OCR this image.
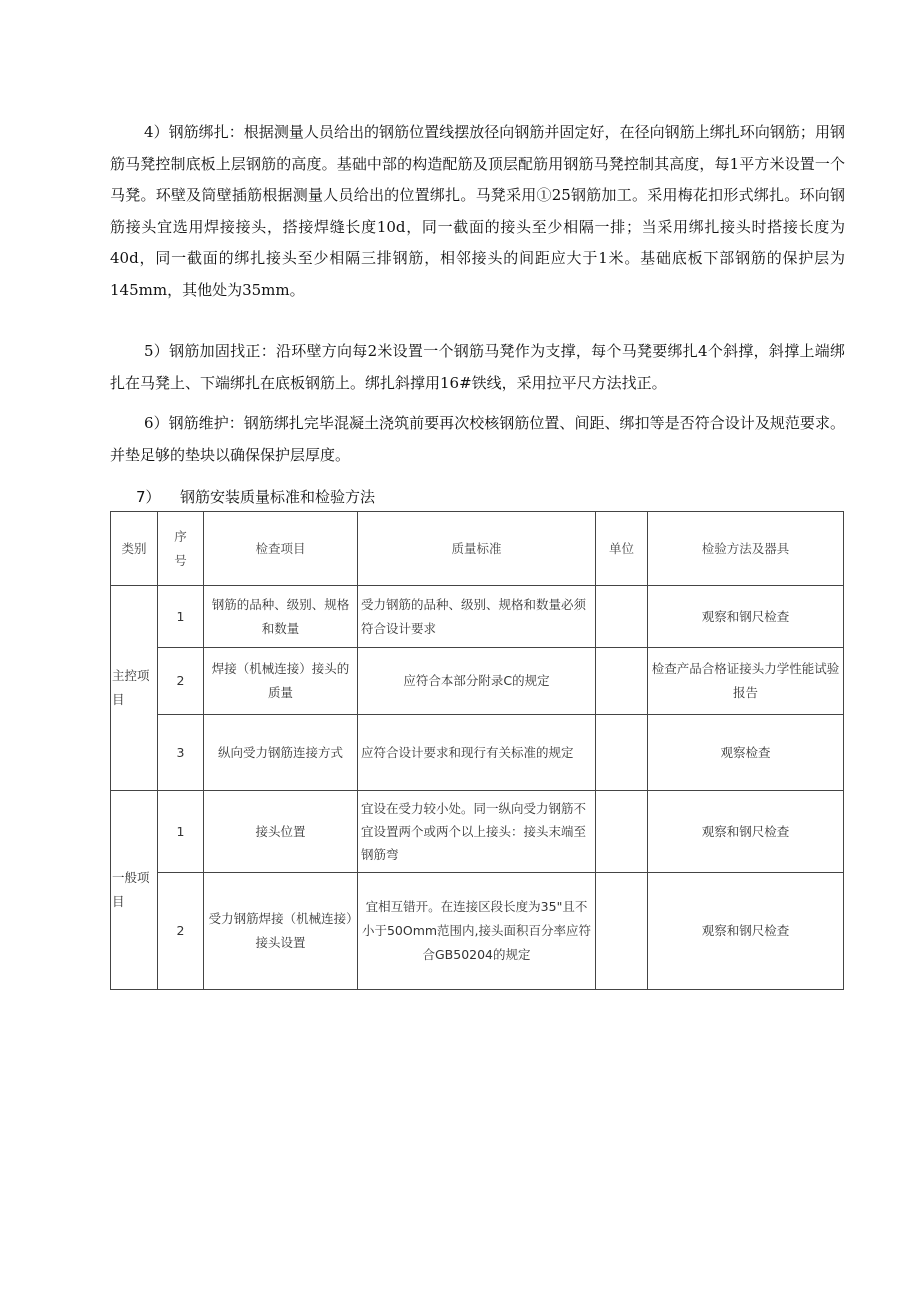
4）钢筋绑扎：根据测量人员给出的钢筋位置线摆放径向钢筋并固定好，在径向钢筋上绑扎环向钢筋；用钢筋马凳控制底板上层钢筋的高度。基础中部的构造配筋及顶层配筋用钢筋马凳控制其高度，每1平方米设置一个马凳。环壁及筒壁插筋根据测量人员给出的位置绑扎。马凳采用①25钢筋加工。采用梅花扣形式绑扎。环向钢筋接头宜选用焊接接头，搭接焊缝长度10d，同一截面的接头至少相隔一排；当采用绑扎接头时搭接长度为40d，同一截面的绑扎接头至少相隔三排钢筋，相邻接头的间距应大于1米。基础底板下部钢筋的保护层为145mm，其他处为35mm。

5）钢筋加固找正：沿环壁方向每2米设置一个钢筋马凳作为支撑，每个马凳要绑扎4个斜撑，斜撑上端绑扎在马凳上、下端绑扎在底板钢筋上。绑扎斜撑用16#铁线，采用拉平尺方法找正。

6）钢筋维护：钢筋绑扎完毕混凝土浇筑前要再次校核钢筋位置、间距、绑扣等是否符合设计及规范要求。并垫足够的垫块以确保保护层厚度。

7） 钢筋安装质量标准和检验方法

类别	序号	检查项目	质量标准	单位	检验方法及器具
主控项目	1	钢筋的品种、级别、规格和数量	受力钢筋的品种、级别、规格和数量必须符合设计要求		观察和钢尺检查
	2	焊接（机械连接）接头的质量	应符合本部分附录C的规定		检查产品合格证接头力学性能试验报告
	3	纵向受力钢筋连接方式	应符合设计要求和现行有关标准的规定		观察检查
一般项目	1	接头位置	宜设在受力较小处。同一纵向受力钢筋不宜设置两个或两个以上接头：接头末端至钢筋弯		观察和钢尺检查
	2	受力钢筋焊接（机械连接）接头设置	宜相互错开。在连接区段长度为35"且不小于50Omm范围内,接头面积百分率应符合GB50204的规定		观察和钢尺检查
